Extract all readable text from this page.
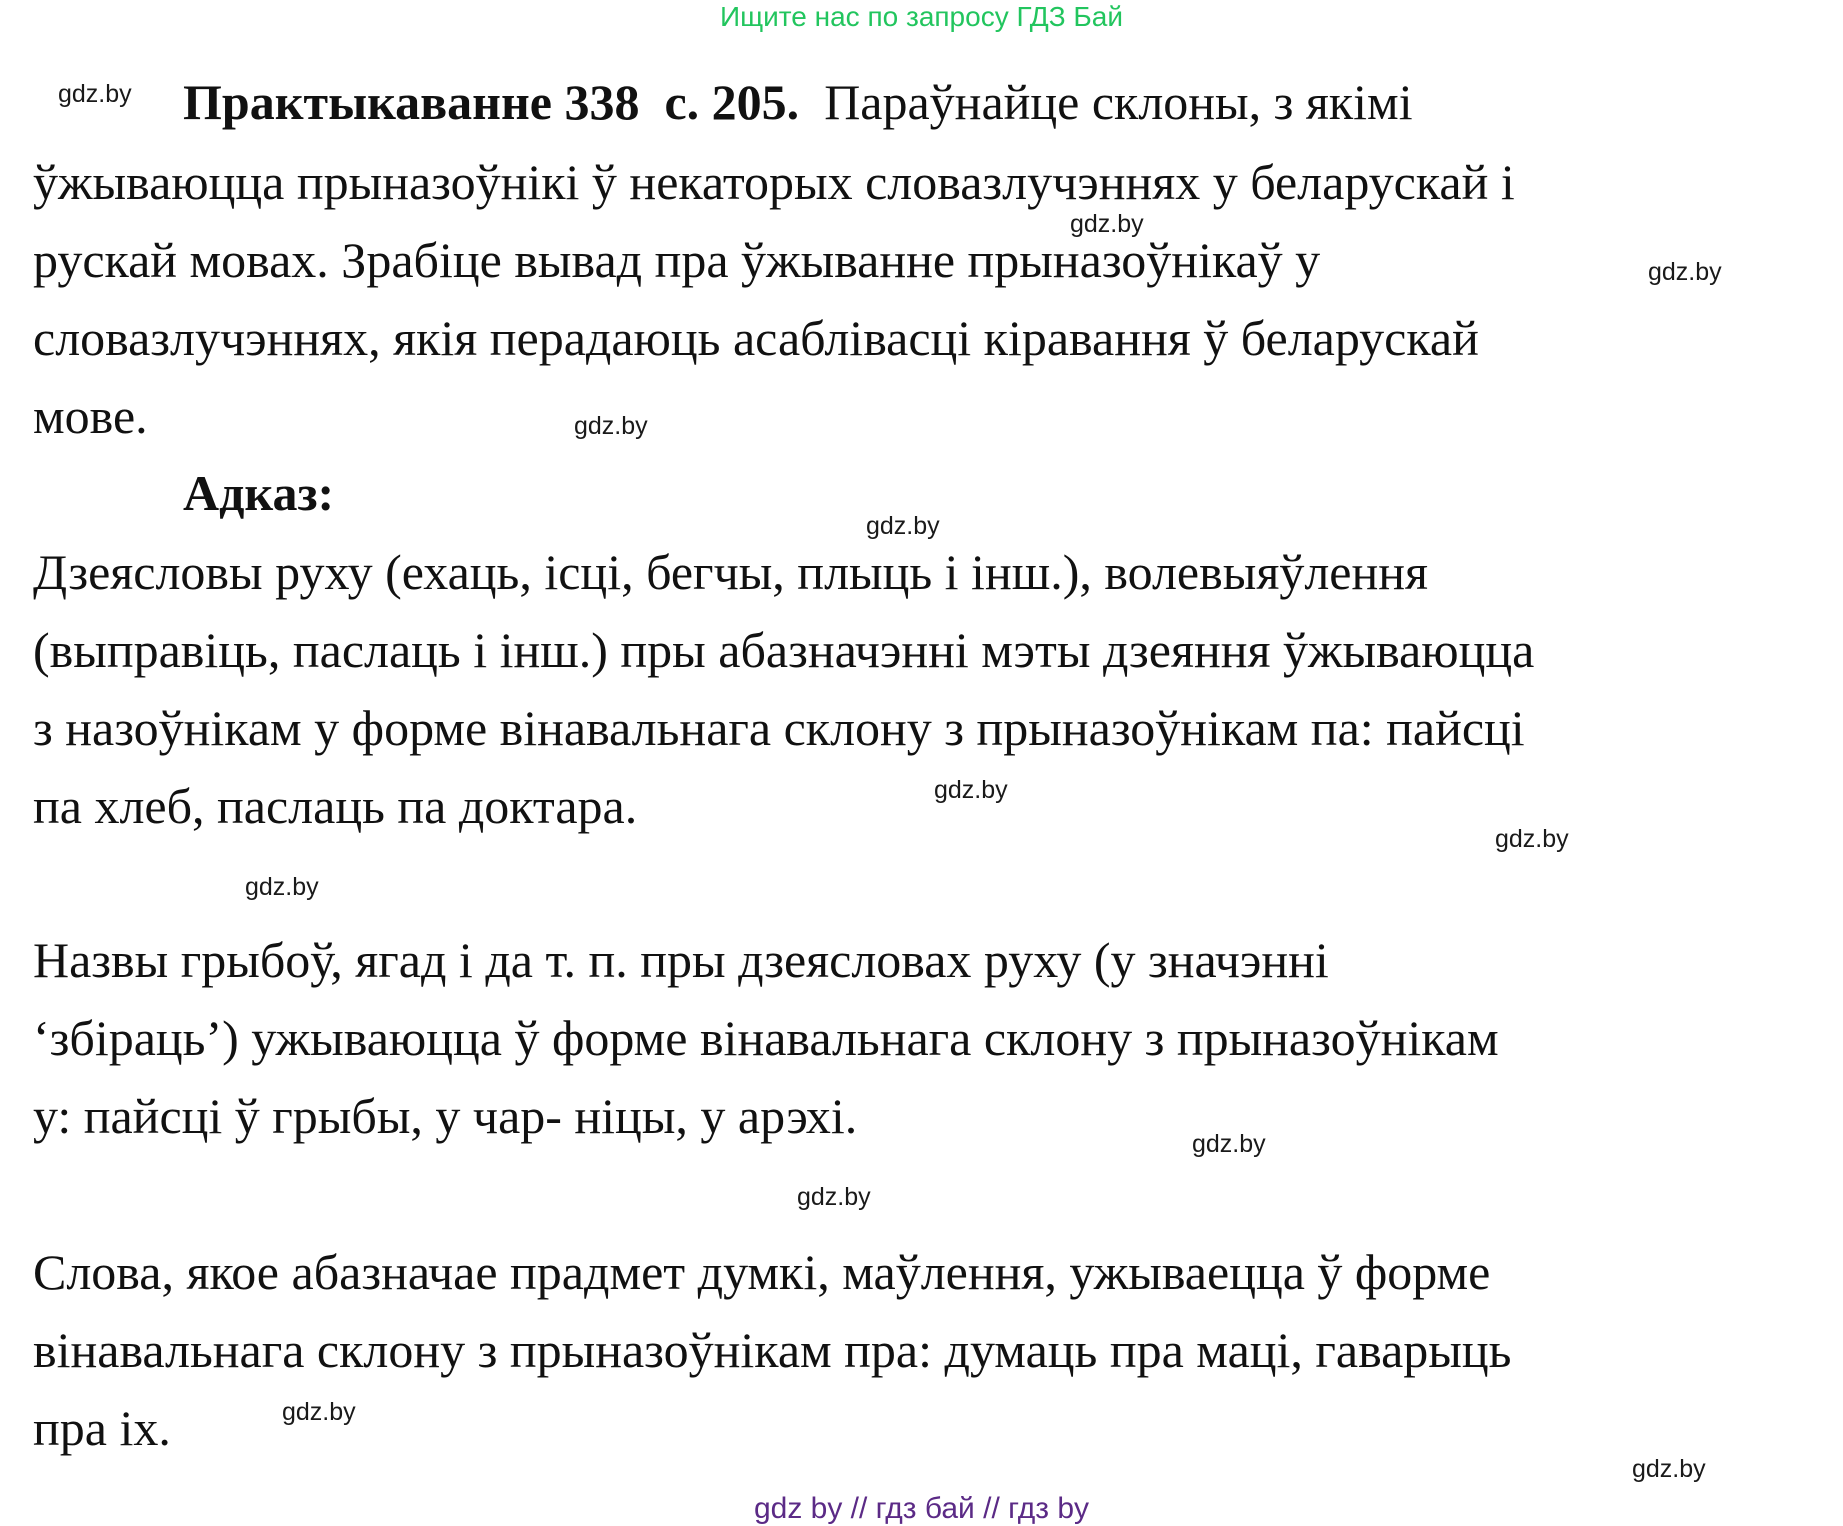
Ищите нас по запросу ГДЗ Бай
gdz.by
gdz.by
gdz.by
gdz.by
gdz.by
gdz.by
gdz.by
gdz.by
gdz.by
gdz.by
gdz.by
gdz.by
Практыкаванне 338 с. 205. Параўнайце склоны, з якімі
ўжываюцца прыназоўнікі ў некаторых словазлучэннях у беларускай і
рускай мовах. Зрабіце вывад пра ўжыванне прыназоўнікаў у
словазлучэннях, якія перадаюць асаблівасці кіравання ў беларускай
мове.
Адказ:
Дзеясловы руху (ехаць, ісці, бегчы, плыць і інш.), волевыяўлення
(выправіць, паслаць і інш.) пры абазначэнні мэты дзеяння ўжываюцца
з назоўнікам у форме вінавальнага склону з прыназоўнікам па: пайсці
па хлеб, паслаць па доктара.
Назвы грыбоў, ягад і да т. п. пры дзеясловах руху (у значэнні
‘збіраць’) ужываюцца ў форме вінавальнага склону з прыназоўнікам
у: пайсці ў грыбы, у чар- ніцы, у арэхі.
Слова, якое абазначае прадмет думкі, маўлення, ужываецца ў форме
вінавальнага склону з прыназоўнікам пра: думаць пра маці, гаварыць
пра іх.
gdz by // гдз бай // гдз by
